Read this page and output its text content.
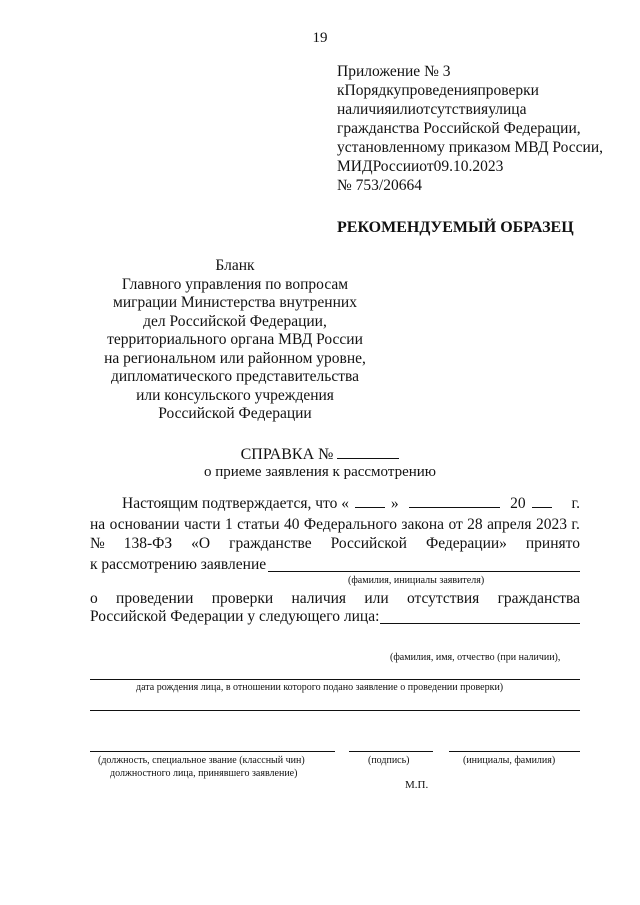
19
Приложение № 3
кПорядкупроведенияпроверки
наличияилиотсутствияулица
гражданства Российской Федерации,
установленному приказом МВД России,
МИДРоссииот09.10.2023
№ 753/20664
РЕКОМЕНДУЕМЫЙ ОБРАЗЕЦ
Бланк
Главного управления по вопросам
миграции Министерства внутренних
дел Российской Федерации,
территориального органа МВД России
на региональном или районном уровне,
дипломатического представительства
или консульского учреждения
Российской Федерации
СПРАВКА №
о приеме заявления к рассмотрению
Настоящим подтверждается, что «	»	20	г.
на основании части 1 статьи 40 Федерального закона от 28 апреля 2023 г.
№ 138-ФЗ «О гражданстве Российской Федерации» принято
к рассмотрению заявление
(фамилия, инициалы заявителя)
о проведении проверки наличия или отсутствия гражданства
Российской Федерации у следующего лица:
(фамилия, имя, отчество (при наличии),
дата рождения лица, в отношении которого подано заявление о проведении проверки)
(должность, специальное звание (классный чин)
должностного лица, принявшего заявление)
(подпись)	(инициалы, фамилия)
М.П.
